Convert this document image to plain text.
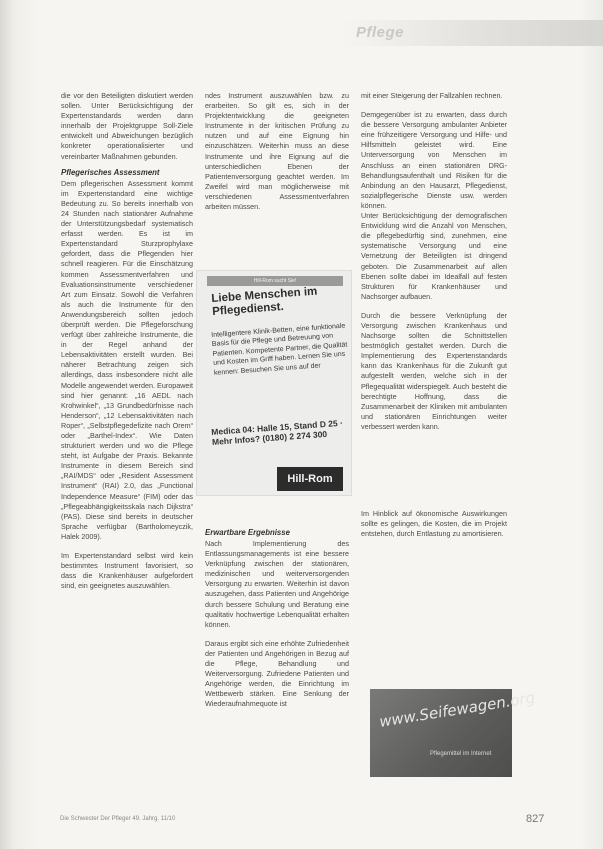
Pflege

die vor den Beteiligten diskutiert werden sollen. Unter Berücksichtigung der Expertenstandards werden dann innerhalb der Projektgruppe Soll-Ziele entwickelt und Abweichungen bezüglich konkreter operationalisierter und vereinbarter Maßnahmen gebunden.

Pflegerisches Assessment

Dem pflegerischen Assessment kommt im Expertenstandard eine wichtige Bedeutung zu. So bereits innerhalb von 24 Stunden nach stationärer Aufnahme der Unterstützungsbedarf systematisch erfasst werden. Es ist im Expertenstandard Sturzprophylaxe gefordert, dass die Pflegenden hier schnell reagieren. Für die Einschätzung kommen Assessmentverfahren und Evaluationsinstrumente verschiedener Art zum Einsatz. Sowohl die Verfahren als auch die Instrumente für den Anwendungsbereich sollten jedoch überprüft werden. Die Pflegeforschung verfügt über zahlreiche Instrumente, die in der Regel anhand der Lebensaktivitäten erstellt wurden. Bei näherer Betrachtung zeigen sich allerdings, dass insbesondere nicht alle Modelle angewendet werden. Europaweit sind hier genannt: „16 AEDL nach Krohwinkel“, „13 Grundbedürfnisse nach Henderson“, „12 Lebensaktivitäten nach Roper“, „Selbstpflegedefizite nach Orem“ oder „Barthel-Index“. Wie Daten strukturiert werden und wo die Pflege steht, ist Aufgabe der Praxis. Bekannte Instrumente in diesem Bereich sind „RAI/MDS“ oder „Resident Assessment Instrument“ (RAI) 2.0, das „Functional Independence Measure“ (FIM) oder das „Pflegeabhängigkeitsskala nach Dijkstra“ (PAS). Diese sind bereits in deutscher Sprache verfügbar (Bartholomeyczik, Halek 2009).

Im Expertenstandard selbst wird kein bestimmtes Instrument favorisiert, so dass die Krankenhäuser aufgefordert sind, ein geeignetes auszuwählen.

ndes Instrument auszuwählen bzw. zu erarbeiten. So gilt es, sich in der Projektentwicklung die geeigneten Instrumente in der kritischen Prüfung zu nutzen und auf eine Eignung hin einzuschätzen. Weiterhin muss an diese Instrumente und ihre Eignung auf die unterschiedlichen Ebenen der Patientenversorgung geachtet werden. Im Zweifel wird man möglicherweise mit verschiedenen Assessmentverfahren arbeiten müssen.

Hill-Rom sucht Sie!
Liebe Menschen im Pflegedienst.
Intelligentere Klinik-Betten, eine funktionale Basis für die Pflege und Betreuung von Patienten. Kompetente Partner, die Qualität und Kosten im Griff haben. Lernen Sie uns kennen: Besuchen Sie uns auf der
Medica 04: Halle 15, Stand D 25 · Mehr Infos? (0180) 2 274 300
Hill-Rom
Erwartbare Ergebnisse

Nach Implementierung des Entlassungsmanagements ist eine bessere Verknüpfung zwischen der stationären, medizinischen und weiterversorgenden Versorgung zu erwarten. Weiterhin ist davon auszugehen, dass Patienten und Angehörige durch bessere Schulung und Beratung eine qualitativ hochwertige Lebenqualität erhalten können.

Daraus ergibt sich eine erhöhte Zufriedenheit der Patienten und Angehörigen in Bezug auf die Pflege, Behandlung und Weiterversorgung. Zufriedene Patienten und Angehörige werden, die Einrichtung im Wettbewerb stärken. Eine Senkung der Wiederaufnahmequote ist

mit einer Steigerung der Fallzahlen rechnen.

Demgegenüber ist zu erwarten, dass durch die bessere Versorgung ambulanter Anbieter eine frühzeitigere Versorgung und Hilfe- und Hilfsmitteln geleistet wird. Eine Unterversorgung von Menschen im Anschluss an einen stationären DRG-Behandlungsaufenthalt und Risiken für die Anbindung an den Hausarzt, Pflegedienst, sozialpflegerische Dienste usw. werden können.

Unter Berücksichtigung der demografischen Entwicklung wird die Anzahl von Menschen, die pflegebedürftig sind, zunehmen, eine systematische Versorgung und eine Vernetzung der Beteiligten ist dringend geboten. Die Zusammenarbeit auf allen Ebenen sollte dabei im Idealfall auf festen Strukturen für Krankenhäuser und Nachsorger aufbauen.

Durch die bessere Verknüpfung der Versorgung zwischen Krankenhaus und Nachsorge sollten die Schnittstellen bestmöglich gestaltet werden. Durch die Implementierung des Expertenstandards kann das Krankenhaus für die Zukunft gut aufgestellt werden, welche sich in der Pflegequalität widerspiegelt. Auch besteht die berechtigte Hoffnung, dass die Zusammenarbeit der Kliniken mit ambulanten und stationären Einrichtungen weiter verbessert werden kann.

Im Hinblick auf ökonomische Auswirkungen sollte es gelingen, die Kosten, die im Projekt entstehen, durch Entlastung zu amortisieren.

www.Seifewagen.org
Pflegemittel im Internet
Die Schwester Der Pfleger 49. Jahrg. 11/10	827
